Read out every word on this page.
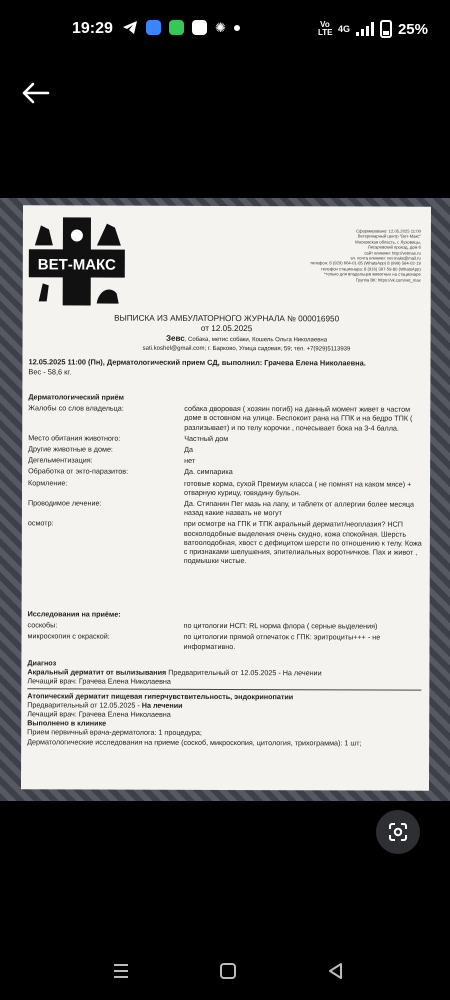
19:29	✺	Vo LTE 4G	25%
ВЕТ-МАКС
Сформировано: 12.05.2025 11:00
Ветеринарный центр "Вет-Макс"
Московская область, г. Луховицы,
Лисаревский проезд, дом 6
сайт клиники: http://vetmax.ru
эл. почта клиники: vet-maks@mail.ru
телефон: 8 (929) 664-01-85 (WhatsApp) 8 (999) 564-02-19
телефон стационара: 8 (916) 397-59-80 (WhatsApp)
*только для владельцев животных на стационаре
Группа ВК: https://vk.com/vet_max
ВЫПИСКА ИЗ АМБУЛАТОРНОГО ЖУРНАЛА № 000016950
от 12.05.2025
Зевс, Собака, метис собаки, Кошель Ольга Николаевна
sati.koshel@gmail.com; г. Барково, Улица садовая, 59; тел. +7(929)5113939
12.05.2025 11:00 (Пн), Дерматологический прием СД, выполнил: Грачева Елена Николаевна.
Вес - 58,6 кг.
Дерматологический приём
Жалобы со слов владельца:	собака дворовая ( хозяин погиб) на данный момент живет в частом доме в остовном на улице. Беспокоит рана на ГПК и на бедро ТПК ( разлизывает) и по телу корочки , почесывает бока на 3-4 балла.
Место обитания животного:	Частный дом
Другие животные в доме:	Да
Дегельментизация:	нет
Обработка от экто-паразитов:	Да. симпарика
Кормление:	готовые корма, сухой Премиум класса ( не помнят на каком мясе) + отварную курицу, говядину бульон.
Проводимое лечение:	Да. Стипанин Пег мазь на лапу, и таблетк от аллергии более месяца назад какие назвать не могут
осмотр:	при осмотре на ГПК и ТПК акральный дерматит/неоплазия? НСП восколодобные выделения очень скудно, кожа спокойная. Шерсть ватоолодобная, хвост с дефицитом шерсти по отношению к телу. Кожа с признаками шелушения, эпителиальных воротничков. Пах и живот , подмышки чистые.
Исследования на приёме:
соскобы:	по цитологии НСП: RL норма флора ( серные выделения)
микроскопия с окраской:	по цитологии прямой отпечаток с ГПК: эритроциты+++ - не информативно.
Диагноз
Акральный дерматит от вылизывания Предварительный от 12.05.2025 - На лечении
Лечащий врач: Грачева Елена Николаевна
Атопический дерматит пищевая гиперчувствительность, эндокринопатии
Предварительный от 12.05.2025 - На лечении
Лечащий врач: Грачева Елена Николаевна
Выполнено в клинике
Прием первичный врача-дерматолога: 1 процедура;
Дерматологические исследования на приеме (соскоб, микроскопия, цитология, трихограмма): 1 шт;
